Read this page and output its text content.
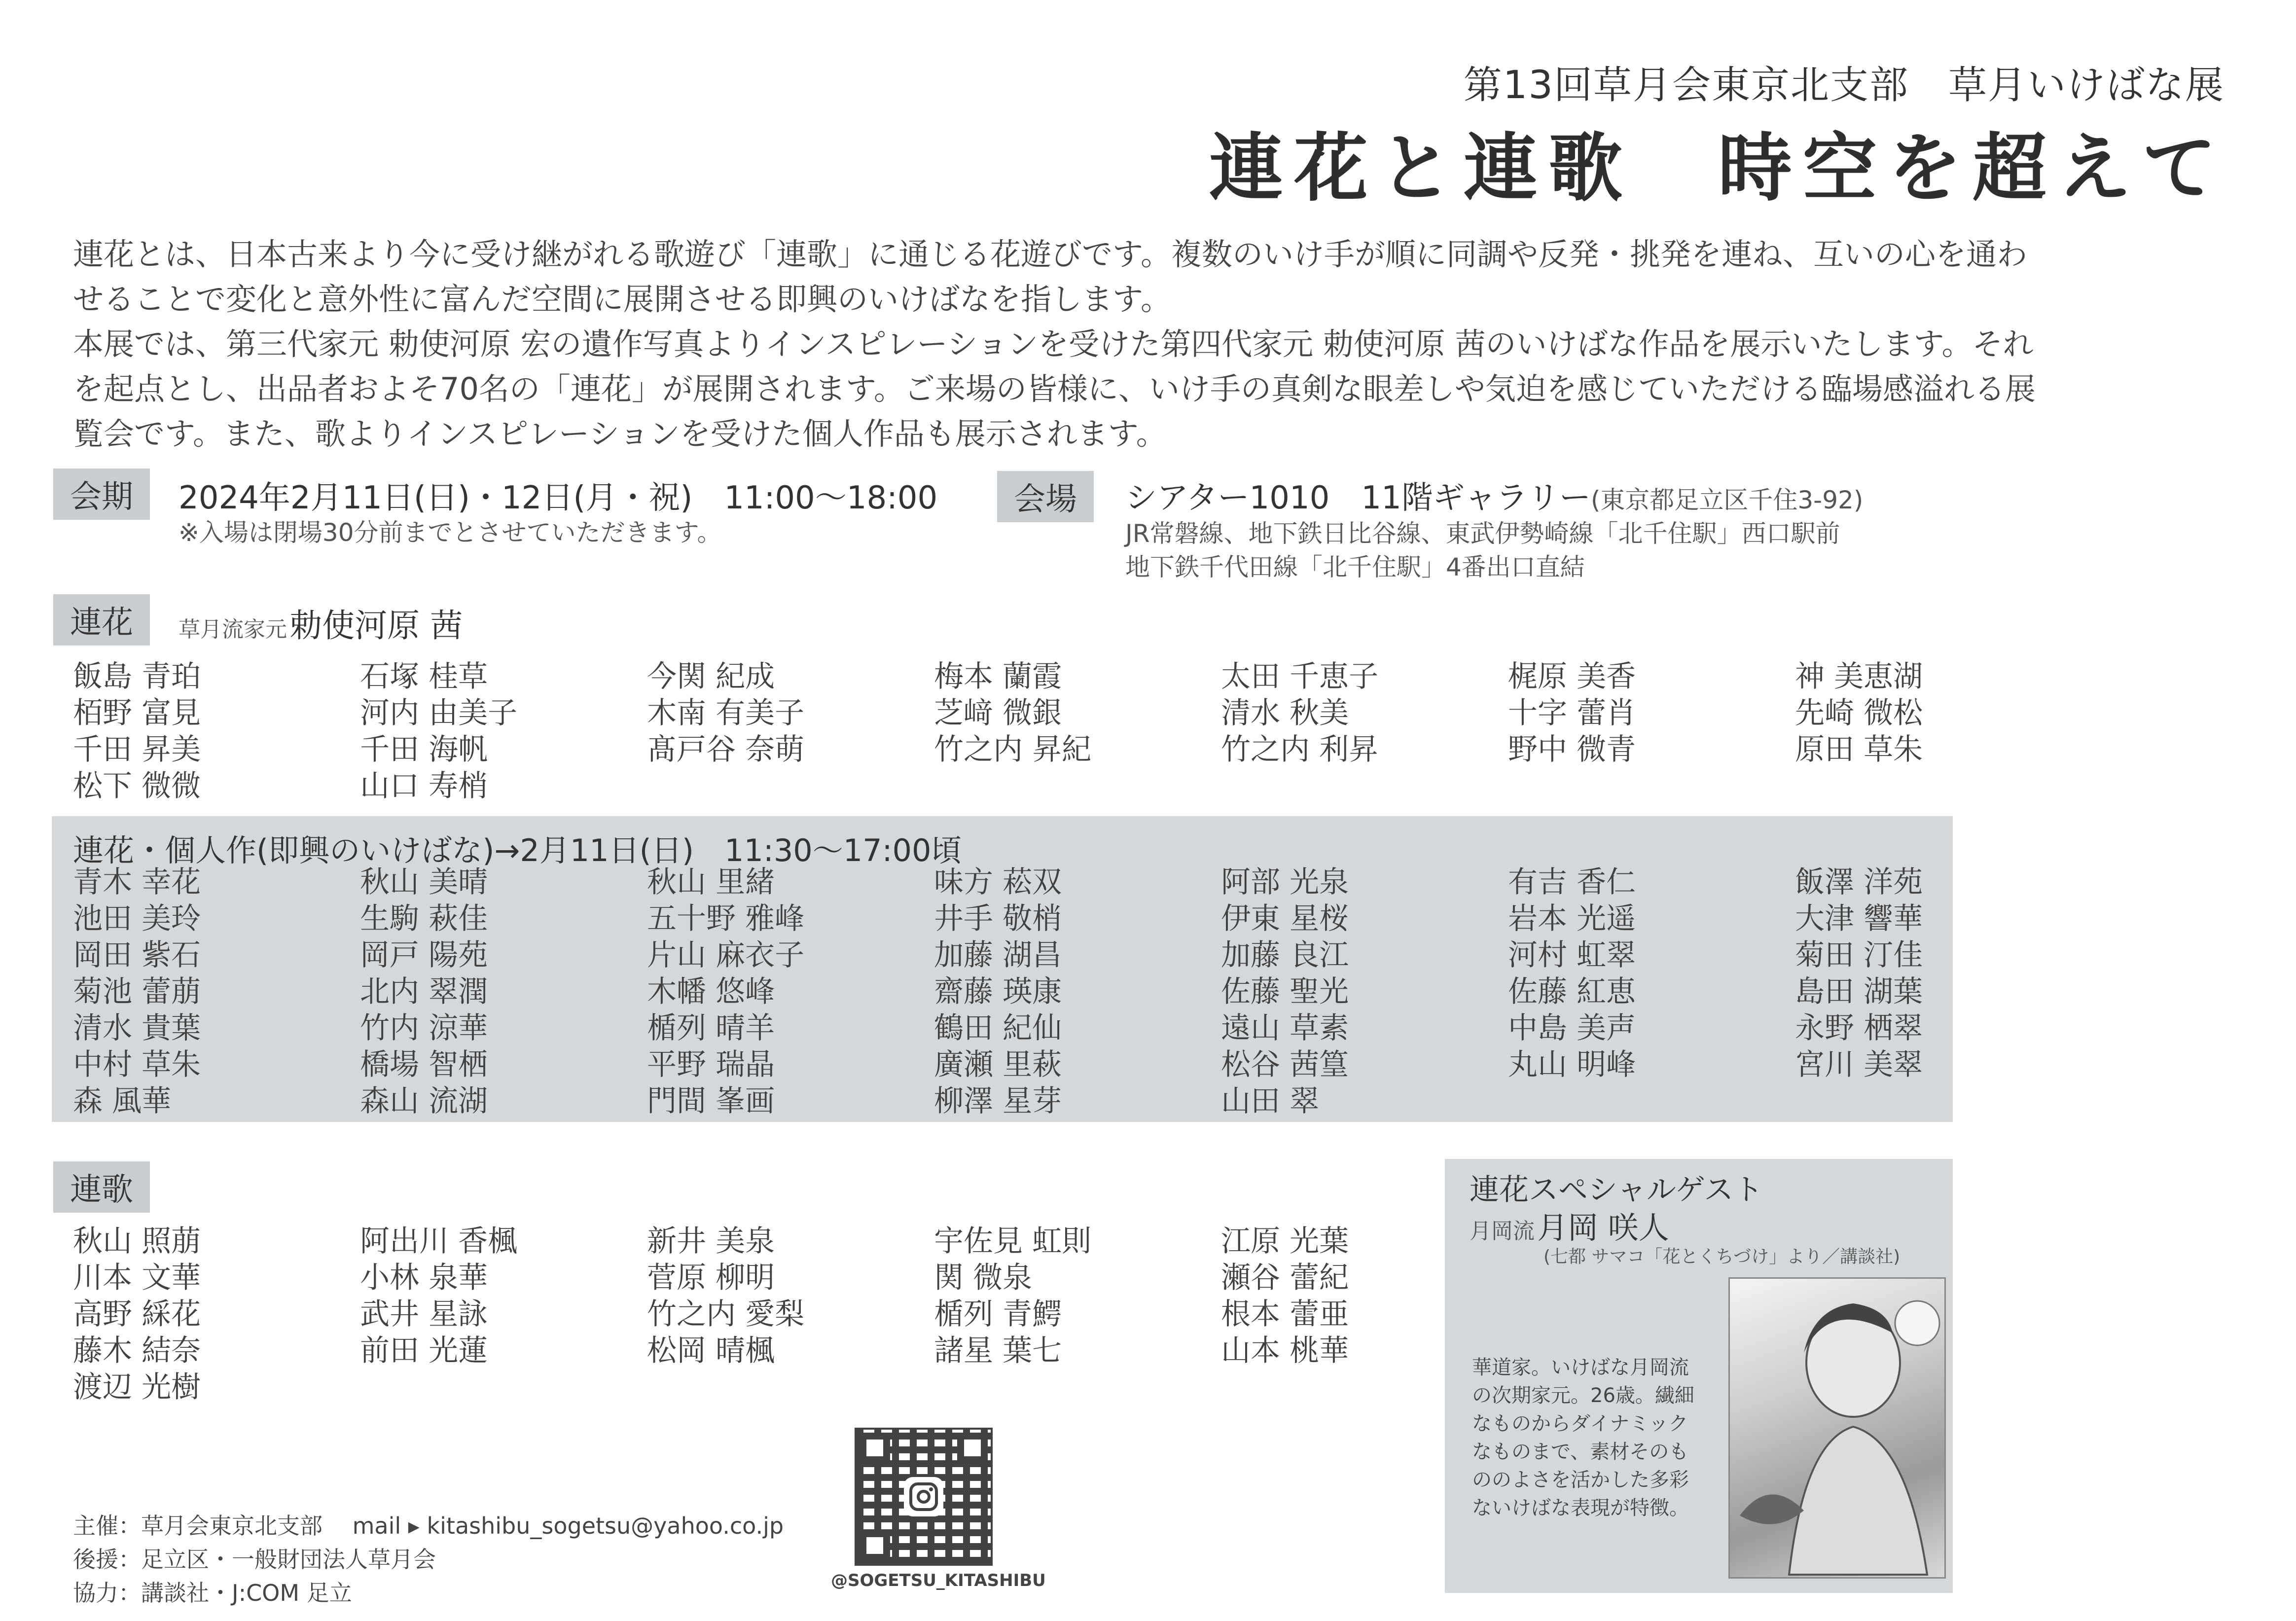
第13回草月会東京北支部　草月いけばな展
連花と連歌　時空を超えて

連花とは、日本古来より今に受け継がれる歌遊び「連歌」に通じる花遊びです。複数のいけ手が順に同調や反発・挑発を連ね、互いの心を通わせることで変化と意外性に富んだ空間に展開させる即興のいけばなを指します。

本展では、第三代家元 勅使河原 宏の遺作写真よりインスピレーションを受けた第四代家元 勅使河原 茜のいけばな作品を展示いたします。それを起点とし、出品者およそ70名の「連花」が展開されます。ご来場の皆様に、いけ手の真剣な眼差しや気迫を感じていただける臨場感溢れる展覧会です。また、歌よりインスピレーションを受けた個人作品も展示されます。

会期	2024年2月11日(日)・12日(月・祝)　11:00〜18:00
※入場は閉場30分前までとさせていただきます。
会場	シアター1010　11階ギャラリー(東京都足立区千住3-92)
JR常磐線、地下鉄日比谷線、東武伊勢崎線「北千住駅」西口駅前
地下鉄千代田線「北千住駅」4番出口直結
連花	草月流家元 勅使河原 茜
飯島 青珀	石塚 桂草	今関 紀成	梅本 蘭霞	太田 千恵子	梶原 美香	神 美恵湖
栢野 富見	河内 由美子	木南 有美子	芝﨑 微銀	清水 秋美	十字 蕾肖	先崎 微松
千田 昇美	千田 海帆	髙戸谷 奈萌	竹之内 昇紀	竹之内 利昇	野中 微青	原田 草朱
松下 微微	山口 寿梢
連花・個人作(即興のいけばな)→2月11日(日)　11:30〜17:00頃
青木 幸花	秋山 美晴	秋山 里緒	味方 菘双	阿部 光泉	有吉 香仁	飯澤 洋苑
池田 美玲	生駒 萩佳	五十野 雅峰	井手 敬梢	伊東 星桜	岩本 光遥	大津 響華
岡田 紫石	岡戸 陽苑	片山 麻衣子	加藤 湖昌	加藤 良江	河村 虹翠	菊田 汀佳
菊池 蕾萠	北内 翠潤	木幡 悠峰	齋藤 瑛康	佐藤 聖光	佐藤 紅恵	島田 湖葉
清水 貴葉	竹内 涼華	楯列 晴羊	鶴田 紀仙	遠山 草素	中島 美声	永野 栖翠
中村 草朱	橋場 智栖	平野 瑞晶	廣瀬 里萩	松谷 茜篁	丸山 明峰	宮川 美翠
森 風華	森山 流湖	門間 峯画	柳澤 星芽	山田 翠
連歌
秋山 照萠	阿出川 香楓	新井 美泉	宇佐見 虹則	江原 光葉
川本 文華	小林 泉華	菅原 柳明	関 微泉	瀬谷 蕾紀
高野 綵花	武井 星詠	竹之内 愛梨	楯列 青鰐	根本 蕾亜
藤木 結奈	前田 光蓮	松岡 晴楓	諸星 葉七	山本 桃華
渡辺 光樹
連花スペシャルゲスト
月岡流 月岡 咲人
(七都 サマコ「花とくちづけ」より／講談社)
華道家。いけばな月岡流
の次期家元。26歳。繊細
なものからダイナミック
なものまで、素材そのも
ののよさを活かした多彩
ないけばな表現が特徴。
@SOGETSU_KITASHIBU
主催：草月会東京北支部　 mail ▸ kitashibu_sogetsu@yahoo.co.jp
後援：足立区・一般財団法人草月会
協力：講談社・J:COM 足立
